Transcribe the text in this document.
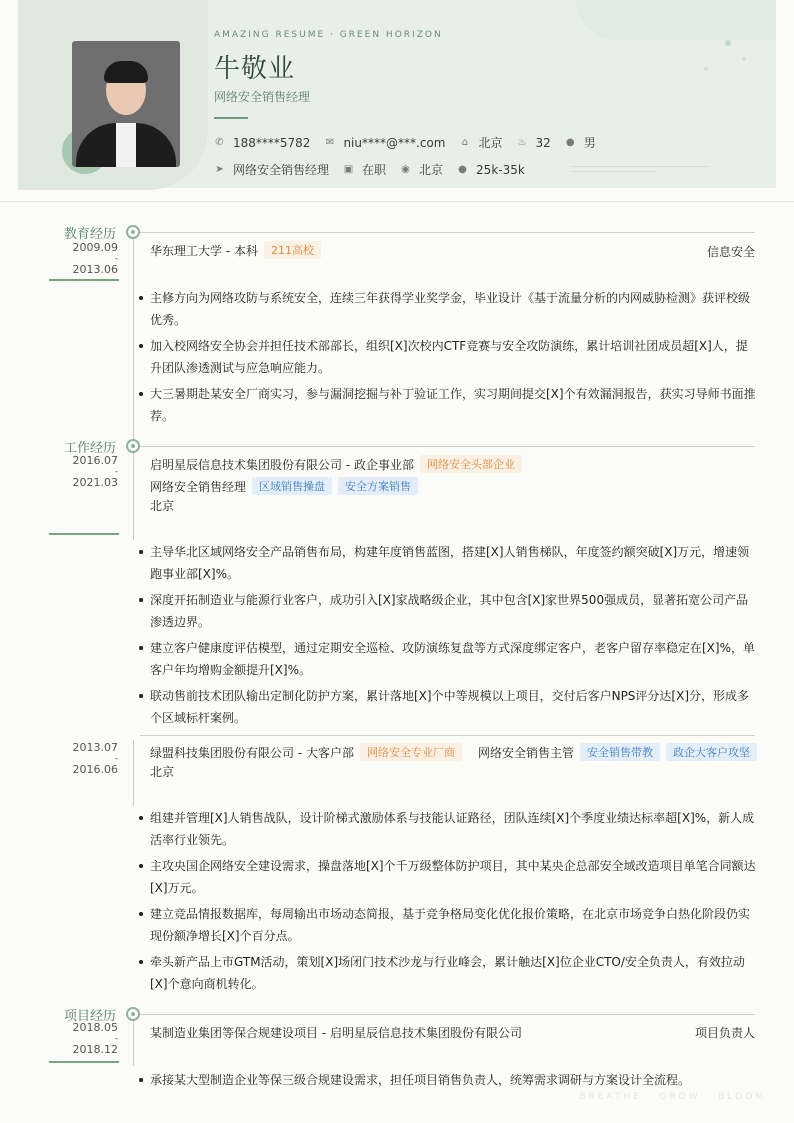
AMAZING RESUME · GREEN HORIZON
牛敬业
网络安全销售经理
✆ 188****5782 ✉ niu****@***.com ⌂ 北京 ♨ 32 ● 男
➤ 网络安全销售经理 ▣ 在职 ◉ 北京 ● 25k-35k
教育经历
2009.09
-
2013.06
华东理工大学 - 本科	211高校	信息安全
主修方向为网络攻防与系统安全，连续三年获得学业奖学金，毕业设计《基于流量分析的内网威胁检测》获评校级优秀。
加入校网络安全协会并担任技术部部长，组织[X]次校内CTF竞赛与安全攻防演练，累计培训社团成员超[X]人，提升团队渗透测试与应急响应能力。
大三暑期赴某安全厂商实习，参与漏洞挖掘与补丁验证工作，实习期间提交[X]个有效漏洞报告，获实习导师书面推荐。
工作经历
2016.07
-
2021.03
启明星辰信息技术集团股份有限公司 - 政企事业部	网络安全头部企业
网络安全销售经理	区域销售操盘	安全方案销售
北京
主导华北区域网络安全产品销售布局，构建年度销售蓝图，搭建[X]人销售梯队，年度签约额突破[X]万元，增速领跑事业部[X]%。
深度开拓制造业与能源行业客户，成功引入[X]家战略级企业，其中包含[X]家世界500强成员，显著拓宽公司产品渗透边界。
建立客户健康度评估模型，通过定期安全巡检、攻防演练复盘等方式深度绑定客户，老客户留存率稳定在[X]%，单客户年均增购金额提升[X]%。
联动售前技术团队输出定制化防护方案，累计落地[X]个中等规模以上项目，交付后客户NPS评分达[X]分，形成多个区域标杆案例。
2013.07
-
2016.06
绿盟科技集团股份有限公司 - 大客户部	网络安全专业厂商	网络安全销售主管	安全销售带教	政企大客户攻坚
北京
组建并管理[X]人销售战队，设计阶梯式激励体系与技能认证路径，团队连续[X]个季度业绩达标率超[X]%，新人成活率行业领先。
主攻央国企网络安全建设需求，操盘落地[X]个千万级整体防护项目，其中某央企总部安全域改造项目单笔合同额达[X]万元。
建立竞品情报数据库，每周输出市场动态简报，基于竞争格局变化优化报价策略，在北京市场竞争白热化阶段仍实现份额净增长[X]个百分点。
牵头新产品上市GTM活动，策划[X]场闭门技术沙龙与行业峰会，累计触达[X]位企业CTO/安全负责人，有效拉动[X]个意向商机转化。
项目经历
2018.05
-
2018.12
某制造业集团等保合规建设项目 - 启明星辰信息技术集团股份有限公司	项目负责人
承接某大型制造企业等保三级合规建设需求，担任项目销售负责人，统筹需求调研与方案设计全流程。
BREATHE · GROW · BLOOM
